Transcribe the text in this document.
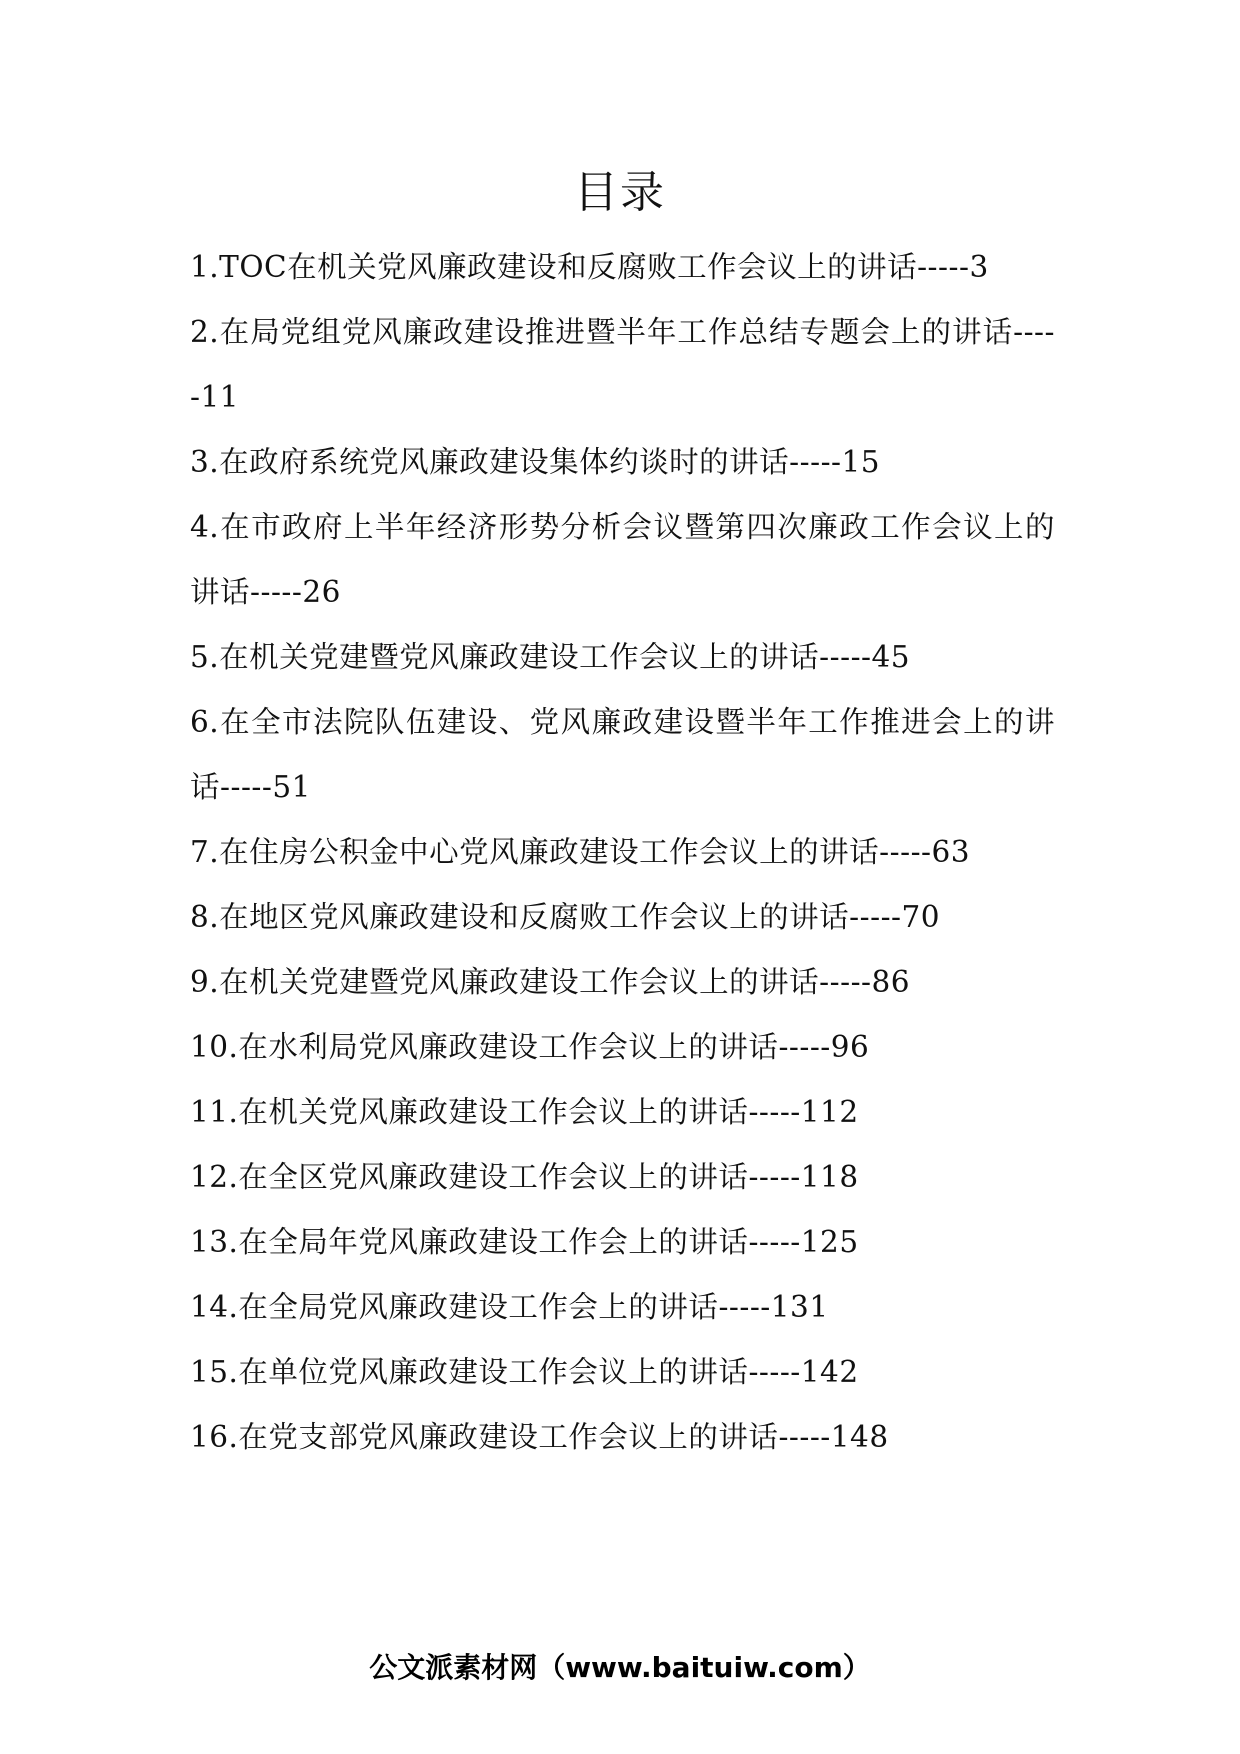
目录
1.TOC在机关党风廉政建设和反腐败工作会议上的讲话-----3
2.在局党组党风廉政建设推进暨半年工作总结专题会上的讲话-----11
3.在政府系统党风廉政建设集体约谈时的讲话-----15
4.在市政府上半年经济形势分析会议暨第四次廉政工作会议上的讲话-----26
5.在机关党建暨党风廉政建设工作会议上的讲话-----45
6.在全市法院队伍建设、党风廉政建设暨半年工作推进会上的讲话-----51
7.在住房公积金中心党风廉政建设工作会议上的讲话-----63
8.在地区党风廉政建设和反腐败工作会议上的讲话-----70
9.在机关党建暨党风廉政建设工作会议上的讲话-----86
10.在水利局党风廉政建设工作会议上的讲话-----96
11.在机关党风廉政建设工作会议上的讲话-----112
12.在全区党风廉政建设工作会议上的讲话-----118
13.在全局年党风廉政建设工作会上的讲话-----125
14.在全局党风廉政建设工作会上的讲话-----131
15.在单位党风廉政建设工作会议上的讲话-----142
16.在党支部党风廉政建设工作会议上的讲话-----148
公文派素材网（www.baituiw.com）
